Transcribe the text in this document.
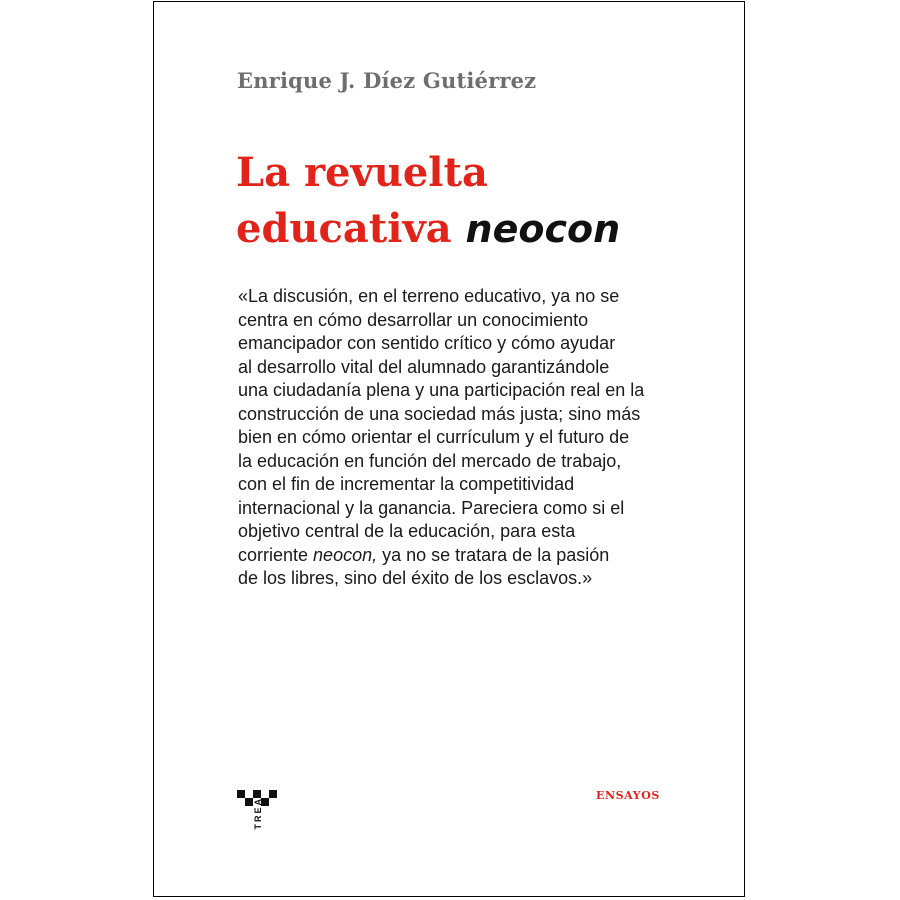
Enrique J. Díez Gutiérrez
La revuelta
educativa neocon
«La discusión, en el terreno educativo, ya no se
centra en cómo desarrollar un conocimiento
emancipador con sentido crítico y cómo ayudar
al desarrollo vital del alumnado garantizándole
una ciudadanía plena y una participación real en la
construcción de una sociedad más justa; sino más
bien en cómo orientar el currículum y el futuro de
la educación en función del mercado de trabajo,
con el fin de incrementar la competitividad
internacional y la ganancia. Pareciera como si el
objetivo central de la educación, para esta
corriente neocon, ya no se tratara de la pasión
de los libres, sino del éxito de los esclavos.»
TREA
ENSAYOS
